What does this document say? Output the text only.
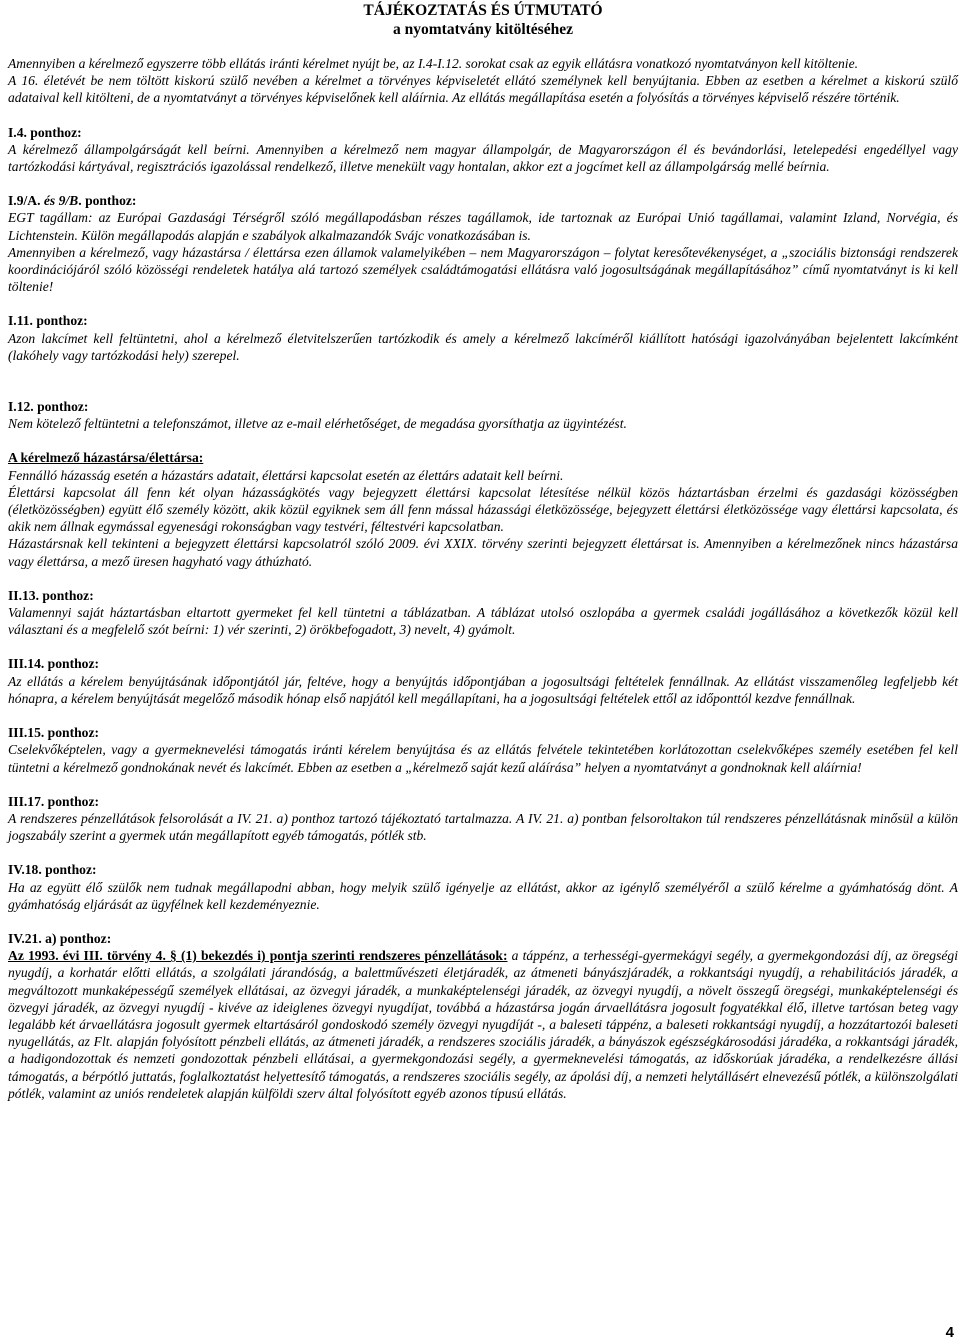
TÁJÉKOZTATÁS ÉS ÚTMUTATÓ
a nyomtatvány kitöltéséhez

Amennyiben a kérelmező egyszerre több ellátás iránti kérelmet nyújt be, az I.4-I.12. sorokat csak az egyik ellátásra vonatkozó nyomtatványon kell kitöltenie.

A 16. életévét be nem töltött kiskorú szülő nevében a kérelmet a törvényes képviseletét ellátó személynek kell benyújtania. Ebben az esetben a kérelmet a kiskorú szülő adataival kell kitölteni, de a nyomtatványt a törvényes képviselőnek kell aláírnia. Az ellátás megállapítása esetén a folyósítás a törvényes képviselő részére történik.

I.4. ponthoz:

A kérelmező állampolgárságát kell beírni. Amennyiben a kérelmező nem magyar állampolgár, de Magyarországon él és bevándorlási, letelepedési engedéllyel vagy tartózkodási kártyával, regisztrációs igazolással rendelkező, illetve menekült vagy hontalan, akkor ezt a jogcímet kell az állampolgárság mellé beírnia.

I.9/A. és 9/B. ponthoz:

EGT tagállam: az Európai Gazdasági Térségről szóló megállapodásban részes tagállamok, ide tartoznak az Európai Unió tagállamai, valamint Izland, Norvégia, és Lichtenstein. Külön megállapodás alapján e szabályok alkalmazandók Svájc vonatkozásában is.

Amennyiben a kérelmező, vagy házastársa / élettársa ezen államok valamelyikében – nem Magyarországon – folytat keresőtevékenységet, a „szociális biztonsági rendszerek koordinációjáról szóló közösségi rendeletek hatálya alá tartozó személyek családtámogatási ellátásra való jogosultságának megállapításához” című nyomtatványt is ki kell töltenie!

I.11. ponthoz:

Azon lakcímet kell feltüntetni, ahol a kérelmező életvitelszerűen tartózkodik és amely a kérelmező lakcíméről kiállított hatósági igazolványában bejelentett lakcímként (lakóhely vagy tartózkodási hely) szerepel.

I.12. ponthoz:

Nem kötelező feltüntetni a telefonszámot, illetve az e-mail elérhetőséget, de megadása gyorsíthatja az ügyintézést.

A kérelmező házastársa/élettársa:

Fennálló házasság esetén a házastárs adatait, élettársi kapcsolat esetén az élettárs adatait kell beírni.

Élettársi kapcsolat áll fenn két olyan házasságkötés vagy bejegyzett élettársi kapcsolat létesítése nélkül közös háztartásban érzelmi és gazdasági közösségben (életközösségben) együtt élő személy között, akik közül egyiknek sem áll fenn mással házassági életközössége, bejegyzett élettársi életközössége vagy élettársi kapcsolata, és akik nem állnak egymással egyenesági rokonságban vagy testvéri, féltestvéri kapcsolatban.

Házastársnak kell tekinteni a bejegyzett élettársi kapcsolatról szóló 2009. évi XXIX. törvény szerinti bejegyzett élettársat is. Amennyiben a kérelmezőnek nincs házastársa vagy élettársa, a mező üresen hagyható vagy áthúzható.

II.13. ponthoz:

Valamennyi saját háztartásban eltartott gyermeket fel kell tüntetni a táblázatban. A táblázat utolsó oszlopába a gyermek családi jogállásához a következők közül kell választani és a megfelelő szót beírni: 1) vér szerinti, 2) örökbefogadott, 3) nevelt, 4) gyámolt.

III.14. ponthoz:

Az ellátás a kérelem benyújtásának időpontjától jár, feltéve, hogy a benyújtás időpontjában a jogosultsági feltételek fennállnak. Az ellátást visszamenőleg legfeljebb két hónapra, a kérelem benyújtását megelőző második hónap első napjától kell megállapítani, ha a jogosultsági feltételek ettől az időponttól kezdve fennállnak.

III.15. ponthoz:

Cselekvőképtelen, vagy a gyermeknevelési támogatás iránti kérelem benyújtása és az ellátás felvétele tekintetében korlátozottan cselekvőképes személy esetében fel kell tüntetni a kérelmező gondnokának nevét és lakcímét. Ebben az esetben a „kérelmező saját kezű aláírása” helyen a nyomtatványt a gondnoknak kell aláírnia!

III.17. ponthoz:

A rendszeres pénzellátások felsorolását a IV. 21. a) ponthoz tartozó tájékoztató tartalmazza. A IV. 21. a) pontban felsoroltakon túl rendszeres pénzellátásnak minősül a külön jogszabály szerint a gyermek után megállapított egyéb támogatás, pótlék stb.

IV.18. ponthoz:

Ha az együtt élő szülők nem tudnak megállapodni abban, hogy melyik szülő igényelje az ellátást, akkor az igénylő személyéről a szülő kérelme a gyámhatóság dönt. A gyámhatóság eljárását az ügyfélnek kell kezdeményeznie.

IV.21. a) ponthoz:

Az 1993. évi III. törvény 4. § (1) bekezdés i) pontja szerinti rendszeres pénzellátások: a táppénz, a terhességi-gyermekágyi segély, a gyermekgondozási díj, az öregségi nyugdíj, a korhatár előtti ellátás, a szolgálati járandóság, a balettművészeti életjáradék, az átmeneti bányászjáradék, a rokkantsági nyugdíj, a rehabilitációs járadék, a megváltozott munkaképességű személyek ellátásai, az özvegyi járadék, a munkaképtelenségi járadék, az özvegyi nyugdíj, a növelt összegű öregségi, munkaképtelenségi és özvegyi járadék, az özvegyi nyugdíj - kivéve az ideiglenes özvegyi nyugdíjat, továbbá a házastársa jogán árvaellátásra jogosult fogyatékkal élő, illetve tartósan beteg vagy legalább két árvaellátásra jogosult gyermek eltartásáról gondoskodó személy özvegyi nyugdíját -, a baleseti táppénz, a baleseti rokkantsági nyugdíj, a hozzátartozói baleseti nyugellátás, az Flt. alapján folyósított pénzbeli ellátás, az átmeneti járadék, a rendszeres szociális járadék, a bányászok egészségkárosodási járadéka, a rokkantsági járadék, a hadigondozottak és nemzeti gondozottak pénzbeli ellátásai, a gyermekgondozási segély, a gyermeknevelési támogatás, az időskorúak járadéka, a rendelkezésre állási támogatás, a bérpótló juttatás, foglalkoztatást helyettesítő támogatás, a rendszeres szociális segély, az ápolási díj, a nemzeti helytállásért elnevezésű pótlék, a különszolgálati pótlék, valamint az uniós rendeletek alapján külföldi szerv által folyósított egyéb azonos típusú ellátás.

4
